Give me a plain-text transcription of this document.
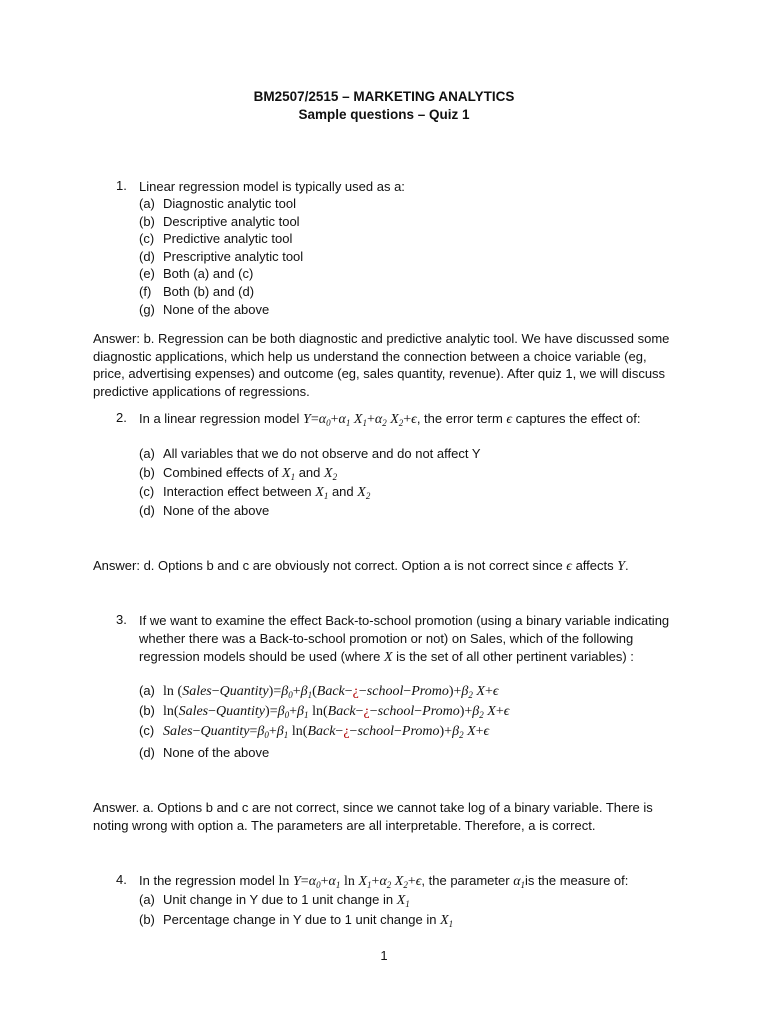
BM2507/2515 – MARKETING ANALYTICS
Sample questions – Quiz 1
1. Linear regression model is typically used as a:
(a) Diagnostic analytic tool
(b) Descriptive analytic tool
(c) Predictive analytic tool
(d) Prescriptive analytic tool
(e) Both (a) and (c)
(f) Both (b) and (d)
(g) None of the above
Answer: b. Regression can be both diagnostic and predictive analytic tool. We have discussed some diagnostic applications, which help us understand the connection between a choice variable (eg, price, advertising expenses) and outcome (eg, sales quantity, revenue). After quiz 1, we will discuss predictive applications of regressions.
2. In a linear regression model $Y=\alpha_0+\alpha_1$ $X_1+\alpha_2$ $X_2+\epsilon$, the error term ϵ captures the effect of:
(a) All variables that we do not observe and do not affect Y
(b) Combined effects of $X_1$ and $X_2$
(c) Interaction effect between $X_1$ and $X_2$
(d) None of the above
Answer: d. Options b and c are obviously not correct. Option a is not correct since ϵ affects Y.
3. If we want to examine the effect Back-to-school promotion (using a binary variable indicating whether there was a Back-to-school promotion or not) on Sales, which of the following regression models should be used (where X is the set of all other pertinent variables) :
(a) $\ln (Sales-Quantity)=\beta_0+\beta_1(Back-¿-school-Promo)+\beta_2$ X+ϵ
(b) $\ln(Sales-Quantity)=\beta_0+\beta_1$ $\ln(Back-¿-school-Promo)+\beta_2$ X+ϵ
(c) $Sales-Quantity=\beta_0+\beta_1$ $\ln(Back-¿-school-Promo)+\beta_2$ X+ϵ
(d) None of the above
Answer. a. Options b and c are not correct, since we cannot take log of a binary variable. There is noting wrong with option a. The parameters are all interpretable. Therefore, a is correct.
4. In the regression model $\ln Y=\alpha_0+\alpha_1$ $\ln X_1+\alpha_2$ $X_2+\epsilon$, the parameter $\alpha_1is$ the measure of:
(a) Unit change in Y due to 1 unit change in $X_1$
(b) Percentage change in Y due to 1 unit change in $X_1$
1
